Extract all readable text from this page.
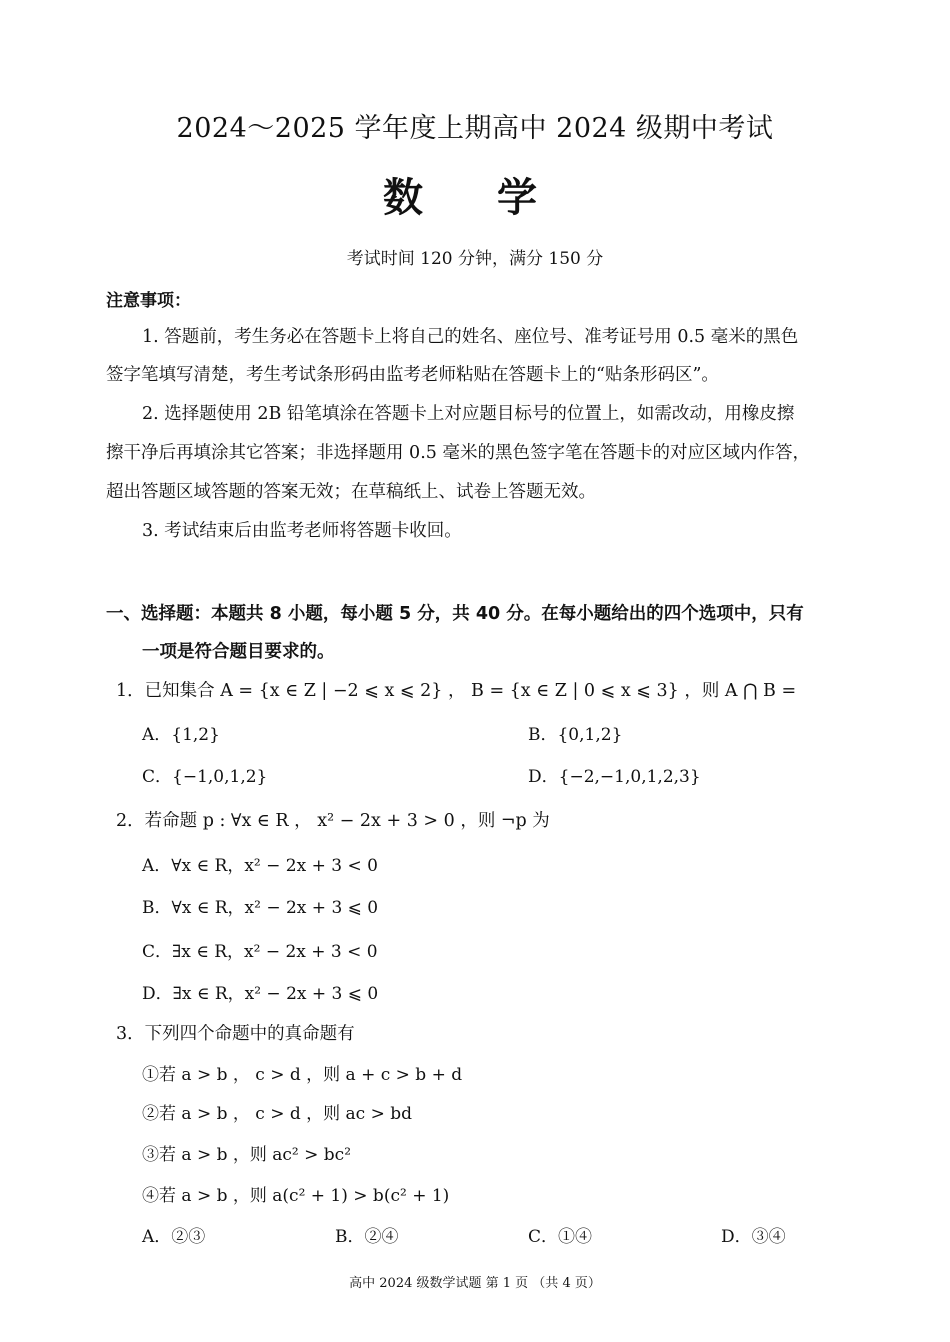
2024～2025 学年度上期高中 2024 级期中考试
数 学
考试时间 120 分钟，满分 150 分
注意事项：
1. 答题前，考生务必在答题卡上将自己的姓名、座位号、准考证号用 0.5 毫米的黑色
签字笔填写清楚，考生考试条形码由监考老师粘贴在答题卡上的“贴条形码区”。
2. 选择题使用 2B 铅笔填涂在答题卡上对应题目标号的位置上，如需改动，用橡皮擦
擦干净后再填涂其它答案；非选择题用 0.5 毫米的黑色签字笔在答题卡的对应区域内作答，
超出答题区域答题的答案无效；在草稿纸上、试卷上答题无效。
3. 考试结束后由监考老师将答题卡收回。
一、选择题：本题共 8 小题，每小题 5 分，共 40 分。在每小题给出的四个选项中，只有
一项是符合题目要求的。
1．已知集合 A = {x ∈ Z | −2 ⩽ x ⩽ 2} ， B = {x ∈ Z | 0 ⩽ x ⩽ 3} ，则 A ⋂ B =
A．{1,2}	B．{0,1,2}
C．{−1,0,1,2}	D．{−2,−1,0,1,2,3}
2．若命题 p : ∀x ∈ R ， x² − 2x + 3 > 0 ，则 ¬p 为
A．∀x ∈ R，x² − 2x + 3 < 0
B．∀x ∈ R，x² − 2x + 3 ⩽ 0
C．∃x ∈ R，x² − 2x + 3 < 0
D．∃x ∈ R，x² − 2x + 3 ⩽ 0
3．下列四个命题中的真命题有
①若 a > b ， c > d ，则 a + c > b + d
②若 a > b ， c > d ，则 ac > bd
③若 a > b ，则 ac² > bc²
④若 a > b ，则 a(c² + 1) > b(c² + 1)
A．②③	B．②④	C．①④	D．③④
高中 2024 级数学试题 第 1 页 （共 4 页）
